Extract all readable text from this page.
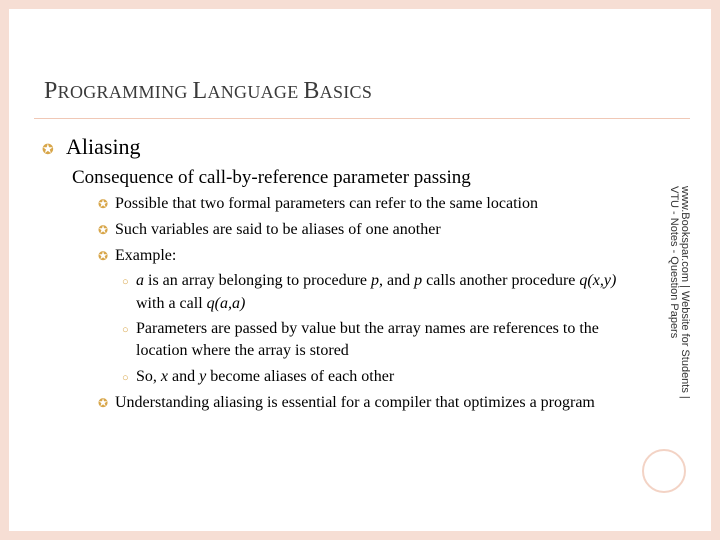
PROGRAMMING LANGUAGE BASICS
✪ Aliasing
Consequence of call-by-reference parameter passing
✪ Possible that two formal parameters can refer to the same location
✪ Such variables are said to be aliases of one another
✪ Example:
○ a is an array belonging to procedure p, and p calls another procedure q(x,y)
with a call q(a,a)
○ Parameters are passed by value but the array names are references to the
location where the array is stored
○ So, x and y become aliases of each other
✪ Understanding aliasing is essential for a compiler that optimizes a program
www.Bookspar.com | Website for Students |
VTU - Notes - Question Papers
